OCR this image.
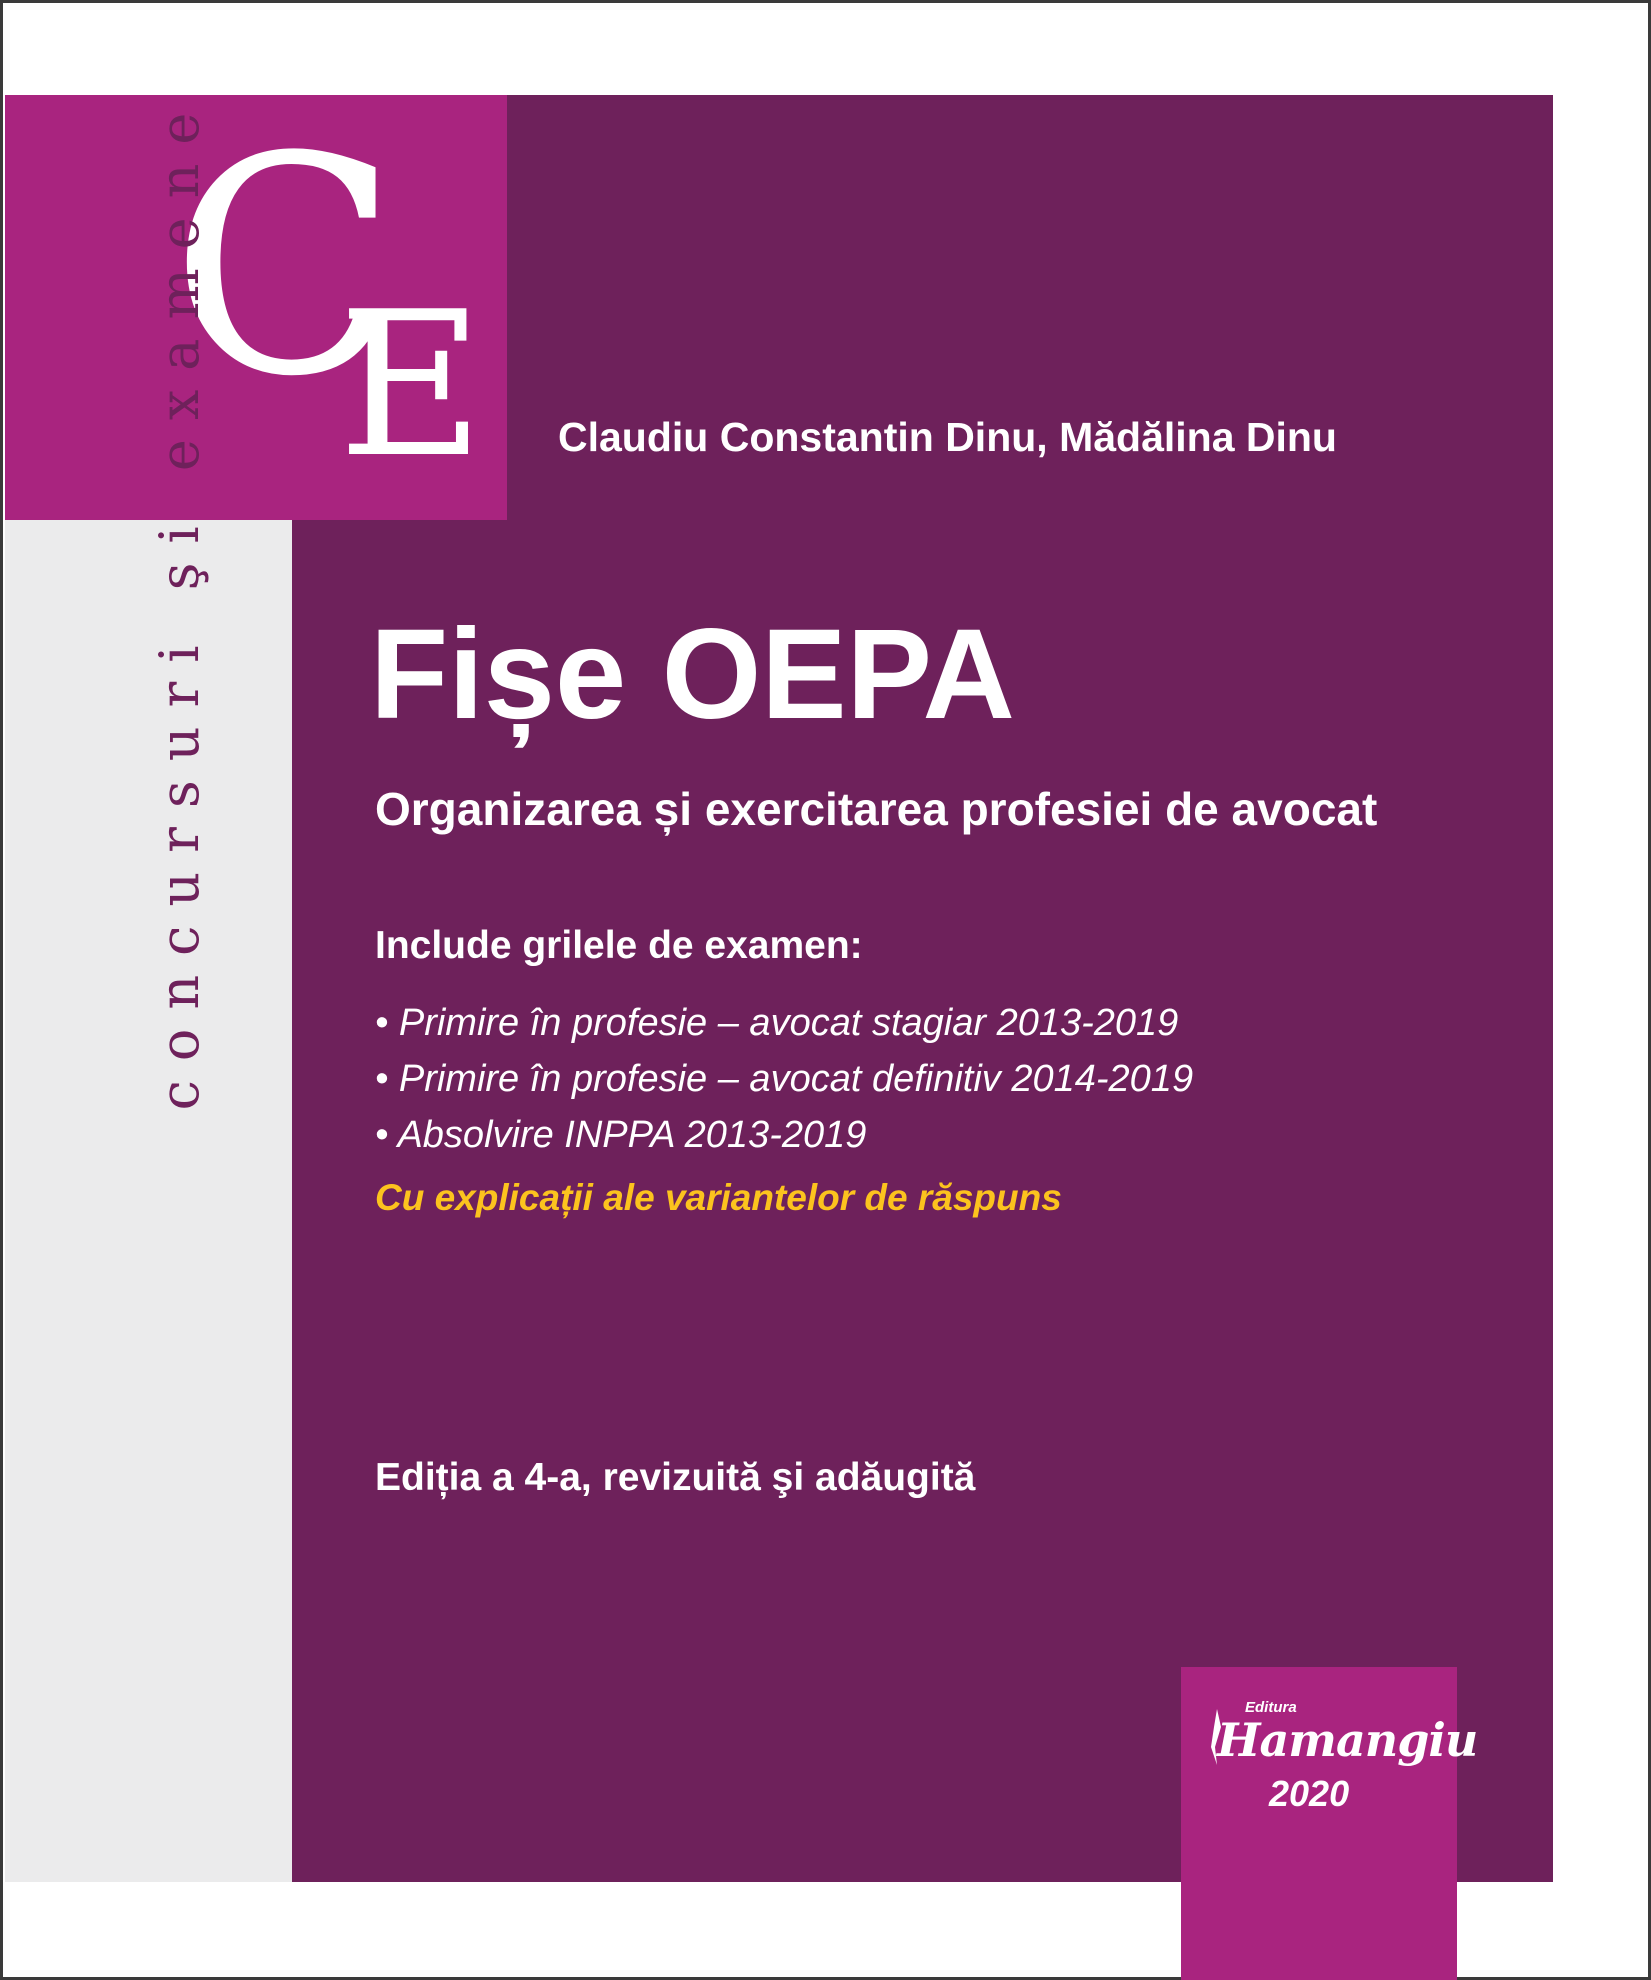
C
E
concursuri şi examene	Claudiu Constantin Dinu, Mădălina Dinu
Fișe OEPA
Organizarea și exercitarea profesiei de avocat
Include grilele de examen:
• Primire în profesie – avocat stagiar 2013-2019
• Primire în profesie – avocat definitiv 2014-2019
• Absolvire INPPA 2013-2019
Cu explicații ale variantelor de răspuns
Ediția a 4-a, revizuită şi adăugită
Editura
Hamangiu
2020
